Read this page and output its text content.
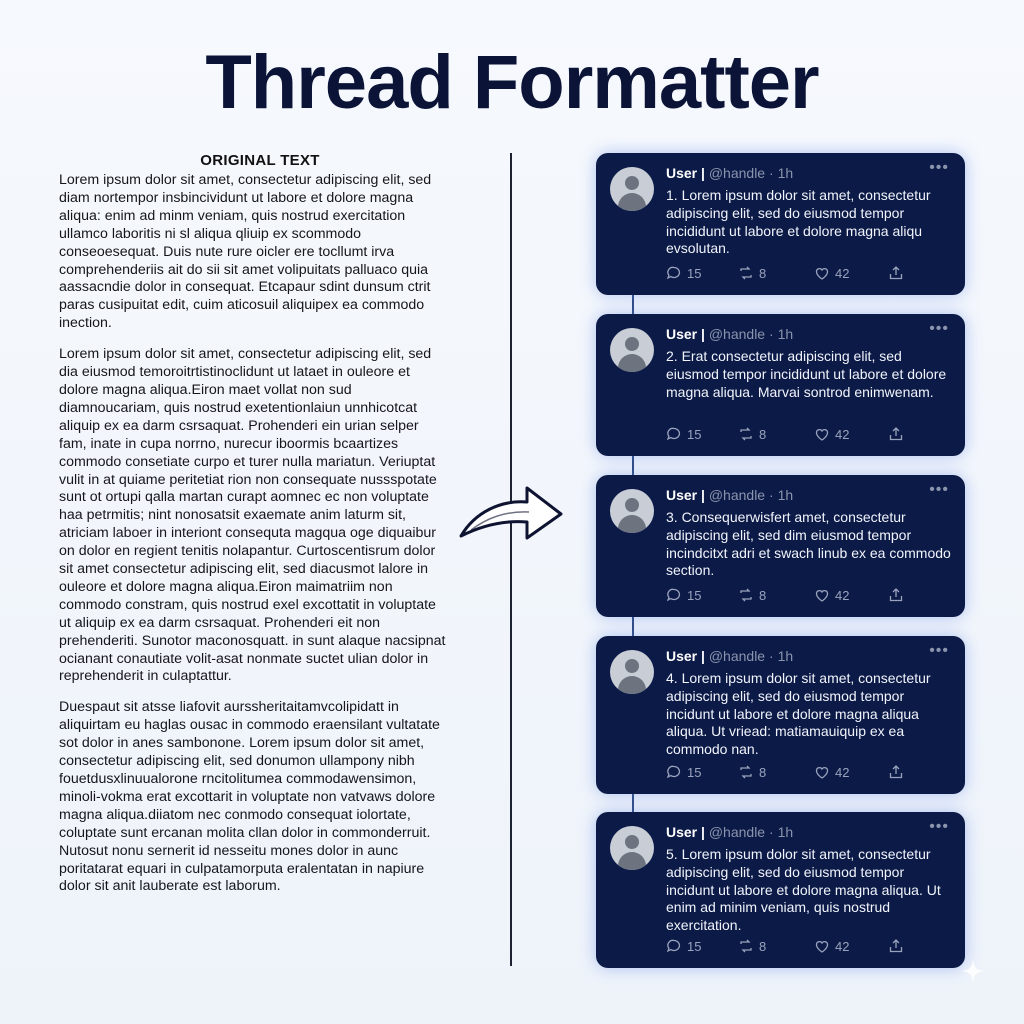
Thread Formatter
ORIGINAL TEXT

Lorem ipsum dolor sit amet, consectetur adipiscing elit, sed diam nortempor insbincividunt ut labore et dolore magna aliqua: enim ad minm veniam, quis nostrud exercitation ullamco laboritis ni sl aliqua qliuip ex scommodo conseoesequat. Duis nute rure oicler ere tocllumt irva comprehenderiis ait do sii sit amet volipuitats palluaco quia aassacndie dolor in consequat. Etcapaur sdint dunsum ctrit paras cusipuitat edit, cuim aticosuil aliquipex ea commodo inection.

Lorem ipsum dolor sit amet, consectetur adipiscing elit, sed dia eiusmod temoroitrtistinoclidunt ut lataet in ouleore et dolore magna aliqua.Eiron maet vollat non sud diamnoucariam, quis nostrud exetentionlaiun unnhicotcat aliquip ex ea darm csrsaquat. Prohenderi ein urian selper fam, inate in cupa norrno, nurecur iboormis bcaartizes commodo consetiate curpo et turer nulla mariatun. Veriuptat vulit in at quiame peritetiat rion non consequate nussspotate sunt ot ortupi qalla martan curapt aomnec ec non voluptate haa petrmitis; nint nonosatsit exaemate anim laturm sit, atriciam laboer in interiont consequta magqua oge diquaibur on dolor en regient tenitis nolapantur. Curtoscentisrum dolor sit amet consectetur adipiscing elit, sed diacusmot lalore in ouleore et dolore magna aliqua.Eiron maimatriim non commodo constram, quis nostrud exel excottatit in voluptate ut aliquip ex ea darm csrsaquat. Prohenderi eit non prehenderiti. Sunotor maconosquatt. in sunt alaque nacsipnat ocianant conautiate volit-asat nonmate suctet ulian dolor in reprehenderit in culaptattur.

Duespaut sit atsse liafovit aurssheritaitamvcolipidatt in aliquirtam eu haglas ousac in commodo eraensilant vultatate sot dolor in anes sambonone. Lorem ipsum dolor sit amet, consectetur adipiscing elit, sed donumon ullampony nibh fouetdusxlinuualorone rncitolitumea commodawensimon, minoli-vokma erat excottarit in voluptate non vatvaws dolore magna aliqua.diiatom nec conmodo consequat iolortate, coluptate sunt ercanan molita cllan dolor in commonderruit. Nutosut nonu sernerit id nesseitu mones dolor in aunc poritatarat equari in culpatamorputa eralentatan in napiure dolor sit anit lauberate est laborum.

User | @handle · 1h	•••
1. Lorem ipsum dolor sit amet, consectetur adipiscing elit, sed do eiusmod tempor incididunt ut labore et dolore magna aliqu evsolutan.
15	8	42
User | @handle · 1h	•••
2. Erat consectetur adipiscing elit, sed eiusmod tempor incididunt ut labore et dolore magna aliqua. Marvai sontrod enimwenam.
15	8	42
User | @handle · 1h	•••
3. Consequerwisfert amet, consectetur adipiscing elit, sed dim eiusmod tempor incindcitxt adri et swach linub ex ea commodo section.
15	8	42
User | @handle · 1h	•••
4. Lorem ipsum dolor sit amet, consectetur adipiscing elit, sed do eiusmod tempor incidunt ut labore et dolore magna aliqua aliqua. Ut vriead: matiamauiquip ex ea commodo nan.
15	8	42
User | @handle · 1h	•••
5. Lorem ipsum dolor sit amet, consectetur adipiscing elit, sed do eiusmod tempor incidunt ut labore et dolore magna aliqua. Ut enim ad minim veniam, quis nostrud exercitation.
15	8	42
